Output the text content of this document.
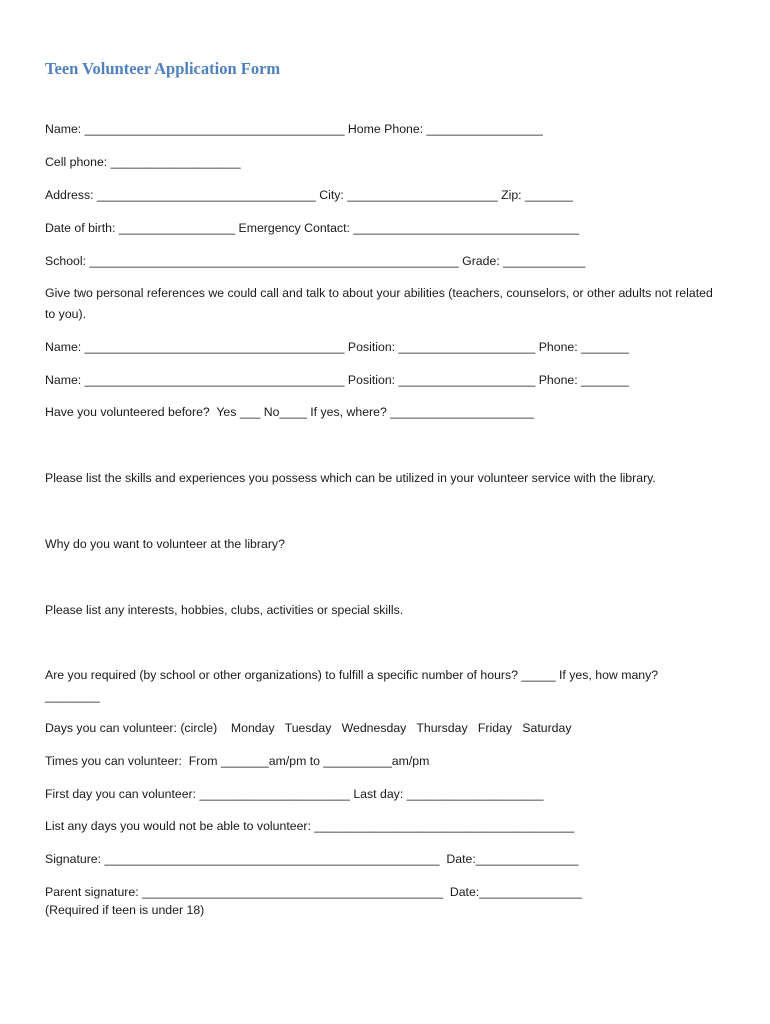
Teen Volunteer Application Form
Name: ______________________________________ Home Phone: _________________
Cell phone: ___________________
Address: ________________________________ City: ______________________ Zip: _______
Date of birth: _________________ Emergency Contact: _________________________________
School: ______________________________________________________ Grade: ____________
Give two personal references we could call and talk to about your abilities (teachers, counselors, or other adults not related to you).
Name: ______________________________________ Position: ____________________ Phone: _______
Name: ______________________________________ Position: ____________________ Phone: _______
Have you volunteered before?  Yes ___ No____ If yes, where? _____________________
Please list the skills and experiences you possess which can be utilized in your volunteer service with the library.
Why do you want to volunteer at the library?
Please list any interests, hobbies, clubs, activities or special skills.
Are you required (by school or other organizations) to fulfill a specific number of hours? _____ If yes, how many?________
Days you can volunteer: (circle)    Monday   Tuesday   Wednesday   Thursday   Friday   Saturday
Times you can volunteer:  From _______am/pm to __________am/pm
First day you can volunteer: ______________________ Last day: ____________________
List any days you would not be able to volunteer: ______________________________________
Signature: _________________________________________________  Date:_______________
Parent signature: ____________________________________________  Date:_______________
(Required if teen is under 18)
